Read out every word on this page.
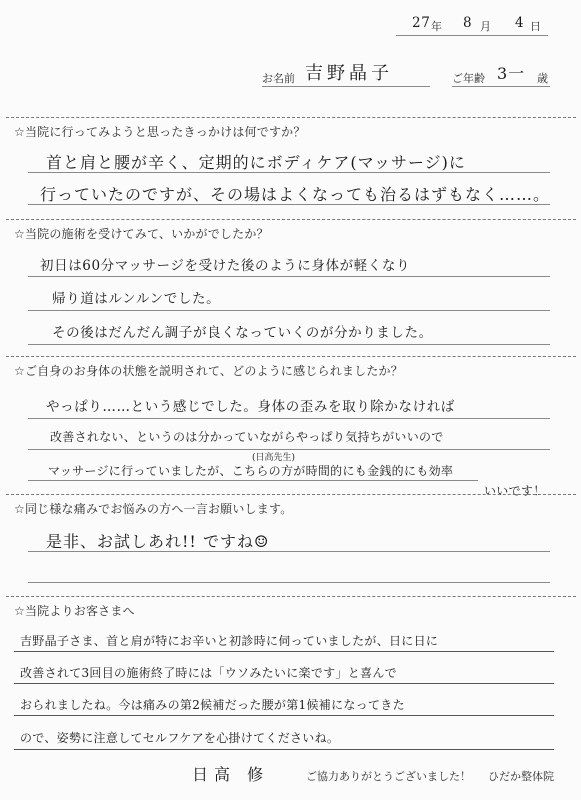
27 年 8 月 4 日
お名前 吉野晶子	ご年齢 3一 歳
☆当院に行ってみようと思ったきっかけは何ですか？
首と肩と腰が辛く、定期的にボディケア(マッサージ)に
行っていたのですが、その場はよくなっても治るはずもなく……。
☆当院の施術を受けてみて、いかがでしたか？
初日は60分マッサージを受けた後のように身体が軽くなり
帰り道はルンルンでした。
その後はだんだん調子が良くなっていくのが分かりました。
☆ご自身のお身体の状態を説明されて、どのように感じられましたか？
やっぱり……という感じでした。身体の歪みを取り除かなければ
改善されない、というのは分かっていながらやっぱり気持ちがいいので
(日高先生)
マッサージに行っていましたが、こちらの方が時間的にも金銭的にも効率
いいです！
☆同じ様な痛みでお悩みの方へ一言お願いします。
是非、お試しあれ!! ですね☺
☆当院よりお客さまへ
吉野晶子さま、首と肩が特にお辛いと初診時に伺っていましたが、日に日に
改善されて3回目の施術終了時には「ウソみたいに楽です」と喜んで
おられましたね。今は痛みの第2候補だった腰が第1候補になってきた
ので、姿勢に注意してセルフケアを心掛けてくださいね。
日高 修	ご協力ありがとうございました！ ひだか整体院
